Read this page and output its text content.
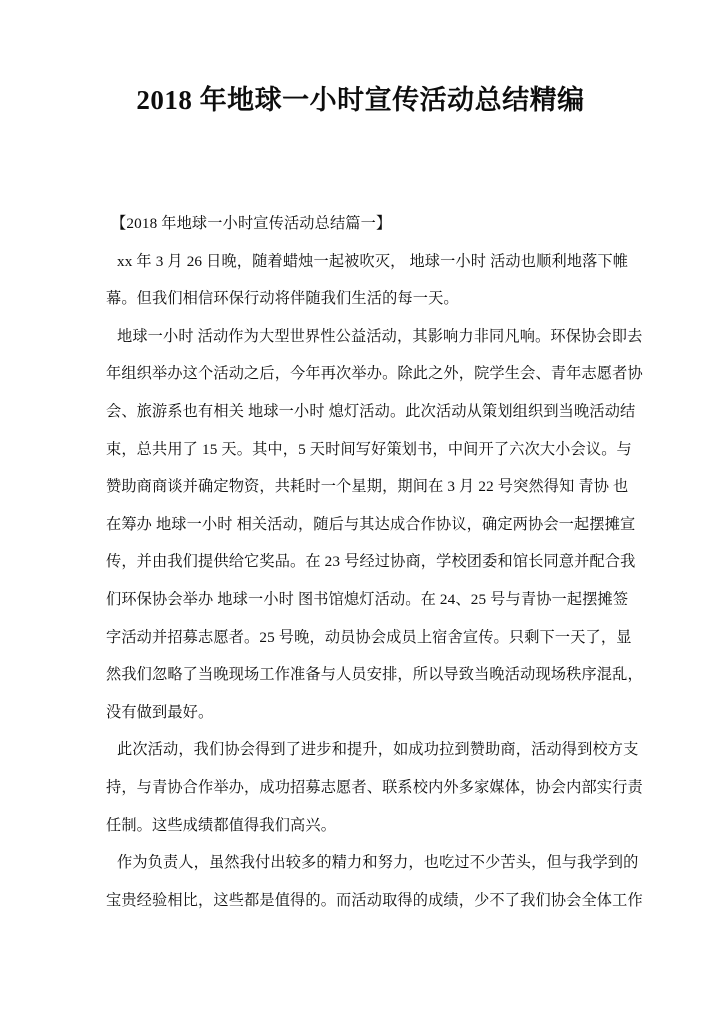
2018 年地球一小时宣传活动总结精编
【2018 年地球一小时宣传活动总结篇一】
xx 年 3 月 26 日晚，随着蜡烛一起被吹灭， 地球一小时 活动也顺利地落下帷
幕。但我们相信环保行动将伴随我们生活的每一天。
地球一小时 活动作为大型世界性公益活动，其影响力非同凡响。环保协会即去
年组织举办这个活动之后，今年再次举办。除此之外，院学生会、青年志愿者协
会、旅游系也有相关 地球一小时 熄灯活动。此次活动从策划组织到当晚活动结
束，总共用了 15 天。其中，5 天时间写好策划书，中间开了六次大小会议。与
赞助商商谈并确定物资，共耗时一个星期，期间在 3 月 22 号突然得知 青协 也
在筹办 地球一小时 相关活动，随后与其达成合作协议，确定两协会一起摆摊宣
传，并由我们提供给它奖品。在 23 号经过协商，学校团委和馆长同意并配合我
们环保协会举办 地球一小时 图书馆熄灯活动。在 24、25 号与青协一起摆摊签
字活动并招募志愿者。25 号晚，动员协会成员上宿舍宣传。只剩下一天了，显
然我们忽略了当晚现场工作准备与人员安排，所以导致当晚活动现场秩序混乱，
没有做到最好。
此次活动，我们协会得到了进步和提升，如成功拉到赞助商，活动得到校方支
持，与青协合作举办，成功招募志愿者、联系校内外多家媒体，协会内部实行责
任制。这些成绩都值得我们高兴。
作为负责人，虽然我付出较多的精力和努力，也吃过不少苦头，但与我学到的
宝贵经验相比，这些都是值得的。而活动取得的成绩，少不了我们协会全体工作
